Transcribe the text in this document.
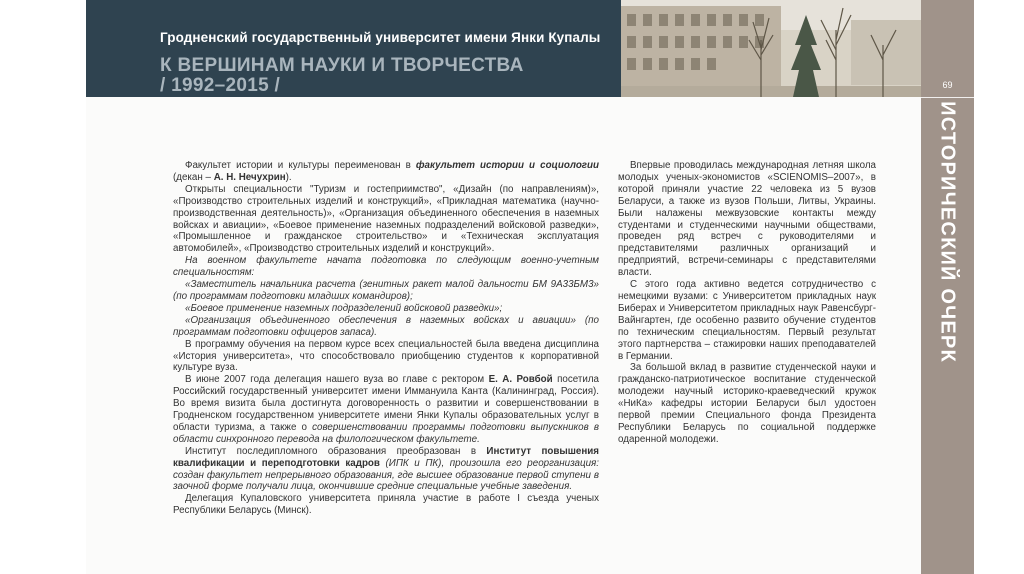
Гродненский государственный университет имени Янки Купалы
К ВЕРШИНАМ НАУКИ И ТВОРЧЕСТВА
/ 1992–2015 /	69
ИСТОРИЧЕСКИЙ ОЧЕРК

Факультет истории и культуры переименован в факультет истории и социологии (декан – А. Н. Нечухрин).

Открыты специальности "Туризм и гостеприимство", «Дизайн (по направлениям)», «Производство строительных изделий и конструкций», «Прикладная математика (научно-производственная деятельность)», «Организация объединенного обеспечения в наземных войсках и авиации», «Боевое применение наземных подразделений войсковой разведки», «Промышленное и гражданское строительство» и «Техническая эксплуатация автомобилей», «Производство строительных изделий и конструкций».

На военном факультете начата подготовка по следующим военно-учетным специальностям:

«Заместитель начальника расчета (зенитных ракет малой дальности БМ 9А33БМ3» (по программам подготовки младших командиров);

«Боевое применение наземных подразделений войсковой разведки»;

«Организация объединенного обеспечения в наземных войсках и авиации» (по программам подготовки офицеров запаса).

В программу обучения на первом курсе всех специальностей была введена дисциплина «История университета», что способствовало приобщению студентов к корпоративной культуре вуза.

В июне 2007 года делегация нашего вуза во главе с ректором Е. А. Ровбой посетила Российский государственный университет имени Иммануила Канта (Калининград, Россия). Во время визита была достигнута договоренность о развитии и совершенствовании в Гродненском государственном университете имени Янки Купалы образовательных услуг в области туризма, а также о совершенствовании программы подготовки выпускников в области синхронного перевода на филологическом факультете.

Институт последипломного образования преобразован в Институт повышения квалификации и переподготовки кадров (ИПК и ПК), произошла его реорганизация: создан факультет непрерывного образования, где высшее образование первой ступени в заочной форме получали лица, окончившие средние специальные учебные заведения.

Делегация Купаловского университета приняла участие в работе I съезда ученых Республики Беларусь (Минск).

Впервые проводилась международная летняя школа молодых ученых-экономистов «SCIENOMIS–2007», в которой приняли участие 22 человека из 5 вузов Беларуси, а также из вузов Польши, Литвы, Украины. Были налажены межвузовские контакты между студентами и студенческими научными обществами, проведен ряд встреч с руководителями и представителями различных организаций и предприятий, встречи-семинары с представителями власти.

С этого года активно ведется сотрудничество с немецкими вузами: с Университетом прикладных наук Биберах и Университетом прикладных наук Равенсбург-Вайнгартен, где особенно развито обучение студентов по техническим специальностям. Первый результат этого партнерства – стажировки наших преподавателей в Германии.

За большой вклад в развитие студенческой науки и гражданско-патриотическое воспитание студенческой молодежи научный историко-краеведческий кружок «НиКа» кафедры истории Беларуси был удостоен первой премии Специального фонда Президента Республики Беларусь по социальной поддержке одаренной молодежи.
